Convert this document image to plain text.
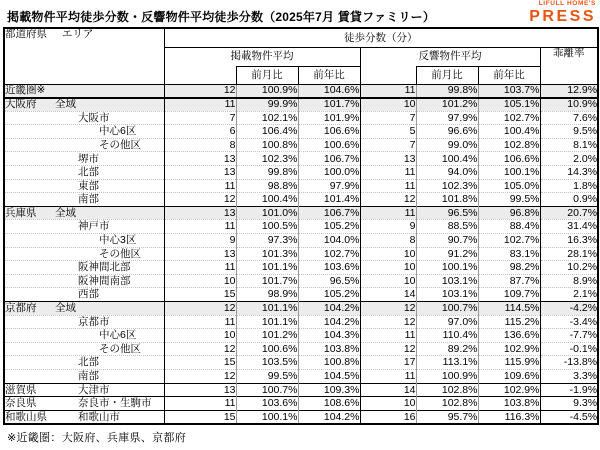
掲載物件平均徒歩分数・反響物件平均徒歩分数（2025年7月 賃貸ファミリー）
LIFULL HOME'S
PRESS
都道府県 エリア	徒歩分数（分）						
	掲載物件平均			反響物件平均			乖離率
		前月比	前年比		前月比	前年比	
近畿圏※	12	100.9%	104.6%	11	99.8%	103.7%	12.9%
大阪府 全域	11	99.9%	101.7%	10	101.2%	105.1%	10.9%
大阪市	7	102.1%	101.9%	7	97.9%	102.7%	7.6%
中心6区	6	106.4%	106.6%	5	96.6%	100.4%	9.5%
その他区	8	100.8%	100.6%	7	99.0%	102.8%	8.1%
堺市	13	102.3%	106.7%	13	100.4%	106.6%	2.0%
北部	13	99.8%	100.0%	11	94.0%	100.1%	14.3%
東部	11	98.8%	97.9%	11	102.3%	105.0%	1.8%
南部	12	100.4%	101.4%	12	101.8%	99.5%	0.9%
兵庫県 全域	13	101.0%	106.7%	11	96.5%	96.8%	20.7%
神戸市	11	100.5%	105.2%	9	88.5%	88.4%	31.4%
中心3区	9	97.3%	104.0%	8	90.7%	102.7%	16.3%
その他区	13	101.3%	102.7%	10	91.2%	83.1%	28.1%
阪神間北部	11	101.1%	103.6%	10	100.1%	98.2%	10.2%
阪神間南部	10	101.7%	96.5%	10	103.1%	87.7%	8.9%
西部	15	98.9%	105.2%	14	103.1%	109.7%	2.1%
京都府 全域	12	101.1%	104.2%	12	100.7%	114.5%	-4.2%
京都市	11	101.1%	104.2%	12	97.0%	115.2%	-3.4%
中心6区	10	101.2%	104.3%	11	110.4%	136.6%	-7.7%
その他区	12	100.6%	103.8%	12	89.2%	102.9%	-0.1%
北部	15	103.5%	100.8%	17	113.1%	115.9%	-13.8%
南部	12	99.5%	104.5%	11	100.9%	109.6%	3.3%
滋賀県 大津市	13	100.7%	109.3%	14	102.8%	102.9%	-1.9%
奈良県 奈良市・生駒市	11	103.6%	108.6%	10	102.8%	103.8%	9.3%
和歌山県 和歌山市	15	100.1%	104.2%	16	95.7%	116.3%	-4.5%
※近畿圏：大阪府、兵庫県、京都府
